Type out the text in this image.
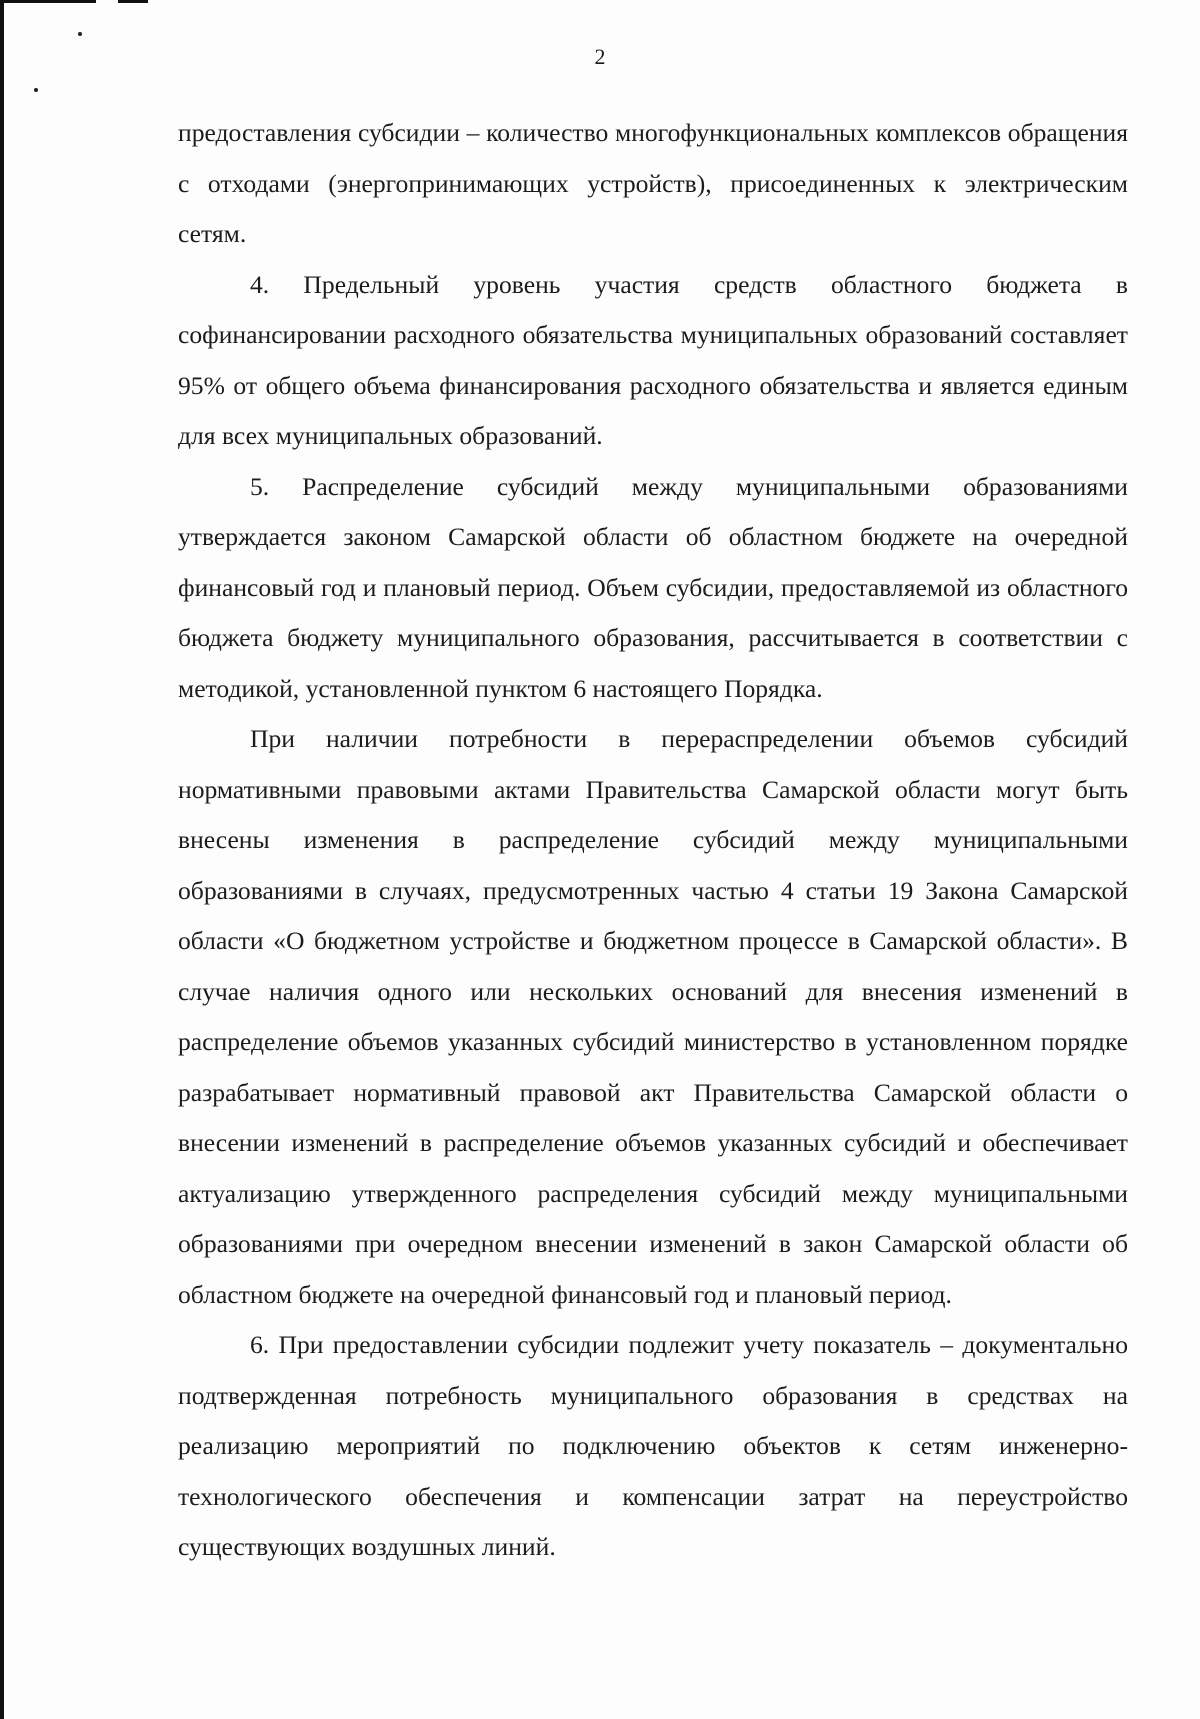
2

предоставления субсидии – количество многофункциональных комплексов обращения с отходами (энергопринимающих устройств), присоединенных к электрическим сетям.

4. Предельный уровень участия средств областного бюджета в софинансировании расходного обязательства муниципальных образований составляет 95% от общего объема финансирования расходного обязательства и является единым для всех муниципальных образований.

5. Распределение субсидий между муниципальными образованиями утверждается законом Самарской области об областном бюджете на очередной финансовый год и плановый период. Объем субсидии, предоставляемой из областного бюджета бюджету муниципального образования, рассчитывается в соответствии с методикой, установленной пунктом 6 настоящего Порядка.

При наличии потребности в перераспределении объемов субсидий нормативными правовыми актами Правительства Самарской области могут быть внесены изменения в распределение субсидий между муниципальными образованиями в случаях, предусмотренных частью 4 статьи 19 Закона Самарской области «О бюджетном устройстве и бюджетном процессе в Самарской области». В случае наличия одного или нескольких оснований для внесения изменений в распределение объемов указанных субсидий министерство в установленном порядке разрабатывает нормативный правовой акт Правительства Самарской области о внесении изменений в распределение объемов указанных субсидий и обеспечивает актуализацию утвержденного распределения субсидий между муниципальными образованиями при очередном внесении изменений в закон Самарской области об областном бюджете на очередной финансовый год и плановый период.

6. При предоставлении субсидии подлежит учету показатель – документально подтвержденная потребность муниципального образования в средствах на реализацию мероприятий по подключению объектов к сетям инженерно-технологического обеспечения и компенсации затрат на переустройство существующих воздушных линий.
